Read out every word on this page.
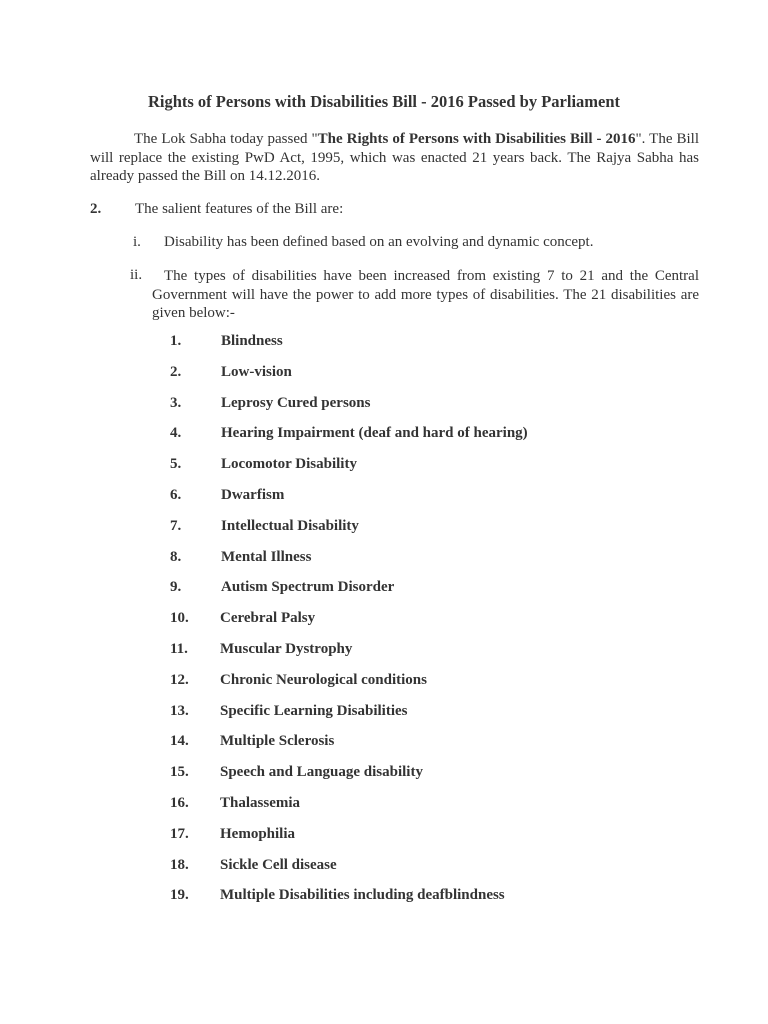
Rights of Persons with Disabilities Bill - 2016 Passed by Parliament

The Lok Sabha today passed "The Rights of Persons with Disabilities Bill - 2016". The Bill will replace the existing PwD Act, 1995, which was enacted 21 years back. The Rajya Sabha has already passed the Bill on 14.12.2016.

2. The salient features of the Bill are:
i. Disability has been defined based on an evolving and dynamic concept.
ii.	The types of disabilities have been increased from existing 7 to 21 and the Central Government will have the power to add more types of disabilities. The 21 disabilities are given below:-

1.	Blindness
2.	Low-vision
3.	Leprosy Cured persons
4.	Hearing Impairment (deaf and hard of hearing)
5.	Locomotor Disability
6.	Dwarfism
7.	Intellectual Disability
8.	Mental Illness
9.	Autism Spectrum Disorder
10. Cerebral Palsy
11. Muscular Dystrophy
12. Chronic Neurological conditions
13. Specific Learning Disabilities
14. Multiple Sclerosis
15. Speech and Language disability
16. Thalassemia
17. Hemophilia
18. Sickle Cell disease
19. Multiple Disabilities including deafblindness
